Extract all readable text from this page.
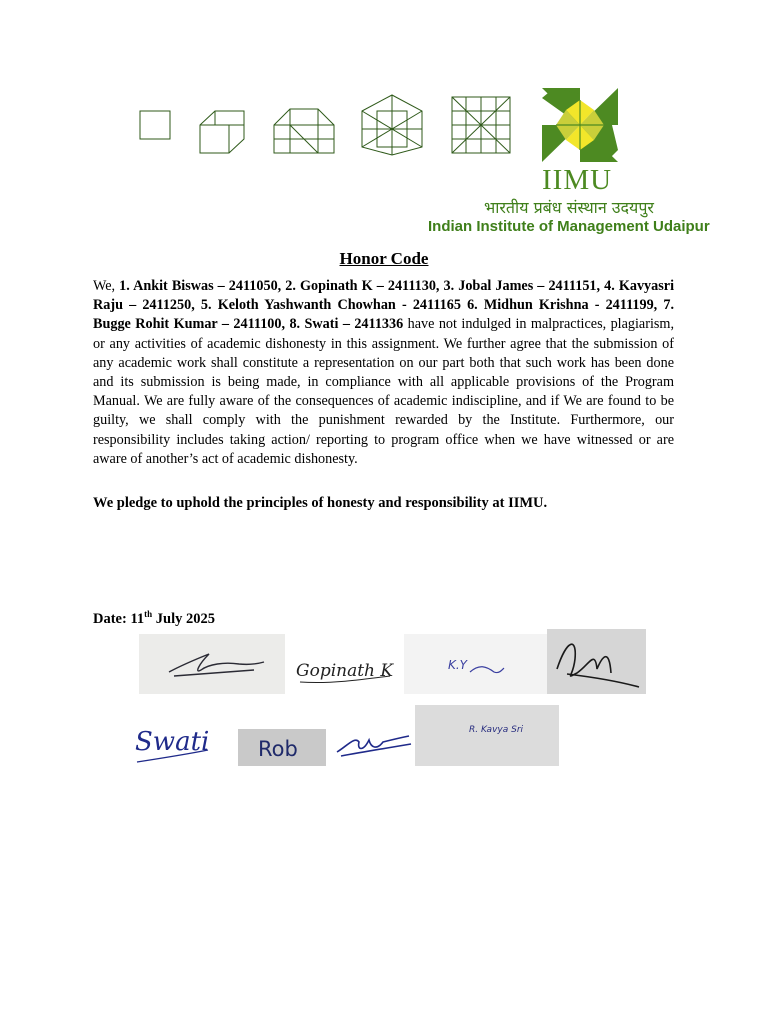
IIMU
भारतीय प्रबंध संस्थान उदयपुर
Indian Institute of Management Udaipur
Honor Code
We, 1. Ankit Biswas – 2411050, 2. Gopinath K – 2411130, 3. Jobal James – 2411151, 4. Kavyasri Raju – 2411250, 5. Keloth Yashwanth Chowhan - 2411165 6. Midhun Krishna - 2411199, 7. Bugge Rohit Kumar – 2411100, 8. Swati – 2411336 have not indulged in malpractices, plagiarism, or any activities of academic dishonesty in this assignment. We further agree that the submission of any academic work shall constitute a representation on our part both that such work has been done and its submission is being made, in compliance with all applicable provisions of the Program Manual. We are fully aware of the consequences of academic indiscipline, and if We are found to be guilty, we shall comply with the punishment rewarded by the Institute. Furthermore, our responsibility includes taking action/ reporting to program office when we have witnessed or are aware of another’s act of academic dishonesty.
We pledge to uphold the principles of honesty and responsibility at IIMU.
Date: 11th July 2025
Gopinath K	K.Y
Swati Rob
R. Kavya Sri
